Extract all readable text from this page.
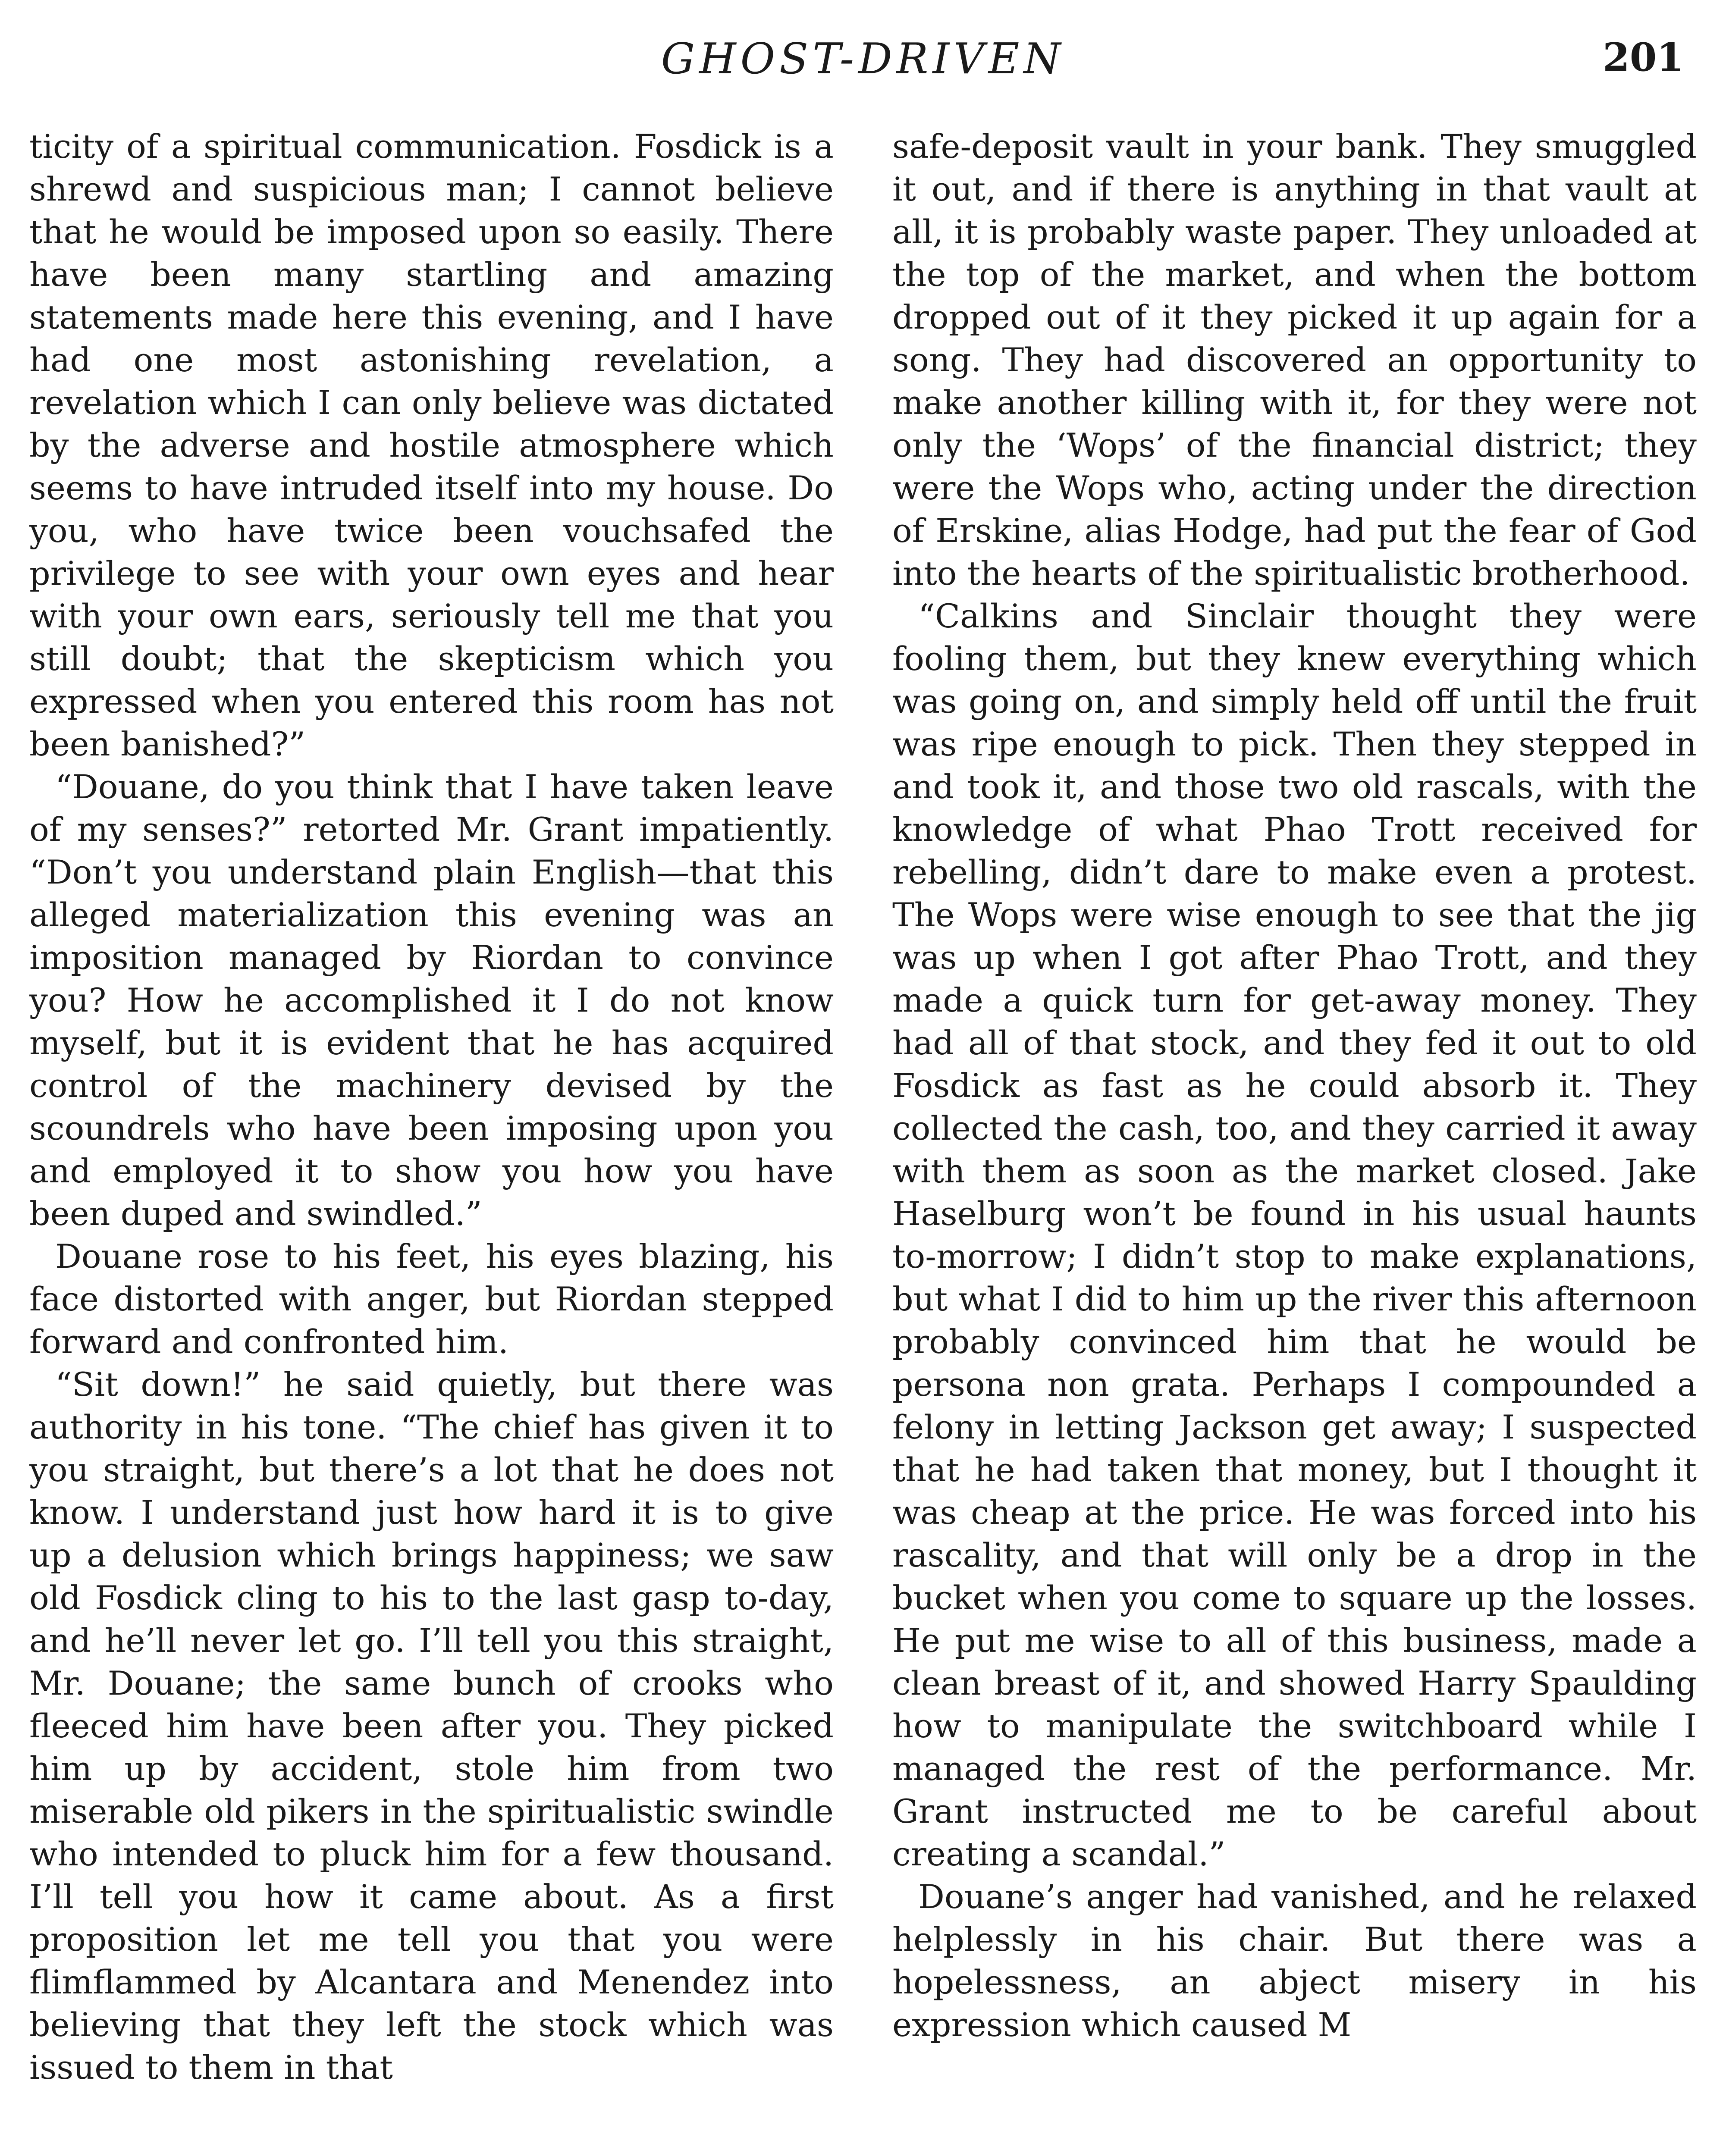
GHOST-DRIVEN	201

ticity of a spiritual communication. Fosdick is a shrewd and suspicious man; I cannot believe that he would be imposed upon so easily. There have been many startling and amazing statements made here this evening, and I have had one most astonishing revelation, a revelation which I can only believe was dictated by the adverse and hostile atmosphere which seems to have intruded itself into my house. Do you, who have twice been vouchsafed the privilege to see with your own eyes and hear with your own ears, seriously tell me that you still doubt; that the skepticism which you expressed when you entered this room has not been banished?”

“Douane, do you think that I have taken leave of my senses?” retorted Mr. Grant impatiently. “Don’t you understand plain English—that this alleged materialization this evening was an imposition managed by Riordan to convince you? How he accomplished it I do not know myself, but it is evident that he has acquired control of the machinery devised by the scoundrels who have been imposing upon you and employed it to show you how you have been duped and swindled.”

Douane rose to his feet, his eyes blazing, his face distorted with anger, but Riordan stepped forward and confronted him.

“Sit down!” he said quietly, but there was authority in his tone. “The chief has given it to you straight, but there’s a lot that he does not know. I understand just how hard it is to give up a delusion which brings happiness; we saw old Fosdick cling to his to the last gasp to-day, and he’ll never let go. I’ll tell you this straight, Mr. Douane; the same bunch of crooks who fleeced him have been after you. They picked him up by accident, stole him from two miserable old pikers in the spiritualistic swindle who intended to pluck him for a few thousand. I’ll tell you how it came about. As a first proposition let me tell you that you were flimflammed by Alcantara and Menendez into believing that they left the stock which was issued to them in that

safe-deposit vault in your bank. They smuggled it out, and if there is anything in that vault at all, it is probably waste paper. They unloaded at the top of the market, and when the bottom dropped out of it they picked it up again for a song. They had discovered an opportunity to make another killing with it, for they were not only the ‘Wops’ of the financial district; they were the Wops who, acting under the direction of Erskine, alias Hodge, had put the fear of God into the hearts of the spiritualistic brotherhood.

“Calkins and Sinclair thought they were fooling them, but they knew everything which was going on, and simply held off until the fruit was ripe enough to pick. Then they stepped in and took it, and those two old rascals, with the knowledge of what Phao Trott received for rebelling, didn’t dare to make even a protest. The Wops were wise enough to see that the jig was up when I got after Phao Trott, and they made a quick turn for get-away money. They had all of that stock, and they fed it out to old Fosdick as fast as he could absorb it. They collected the cash, too, and they carried it away with them as soon as the market closed. Jake Haselburg won’t be found in his usual haunts to-morrow; I didn’t stop to make explanations, but what I did to him up the river this afternoon probably convinced him that he would be persona non grata. Perhaps I compounded a felony in letting Jackson get away; I suspected that he had taken that money, but I thought it was cheap at the price. He was forced into his rascality, and that will only be a drop in the bucket when you come to square up the losses. He put me wise to all of this business, made a clean breast of it, and showed Harry Spaulding how to manipulate the switchboard while I managed the rest of the performance. Mr. Grant instructed me to be careful about creating a scandal.”

Douane’s anger had vanished, and he relaxed helplessly in his chair. But there was a hopelessness, an abject misery in his expression which caused M
